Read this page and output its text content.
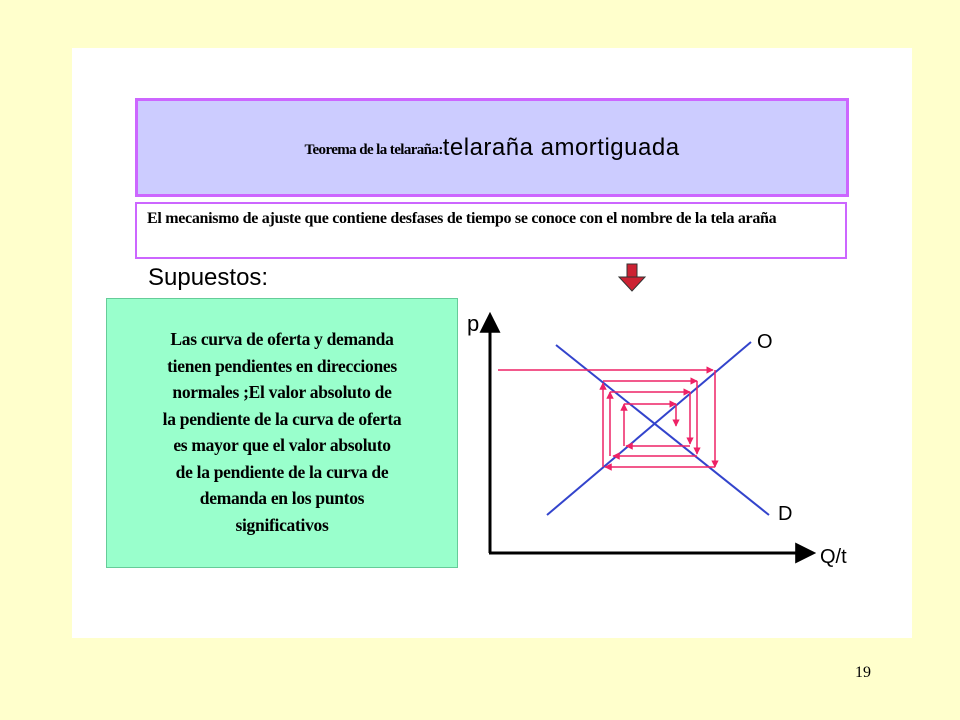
Teorema de la telaraña: telaraña amortiguada
El mecanismo de ajuste que contiene desfases de tiempo se conoce con el nombre de la tela araña
Supuestos:
Las curva de oferta y demanda
tienen pendientes en direcciones
normales ;El valor absoluto de
la pendiente de la curva de oferta
es mayor que el valor absoluto
de la pendiente de la curva de
demanda en los puntos
significativos
p
Q/t
O
D
19
